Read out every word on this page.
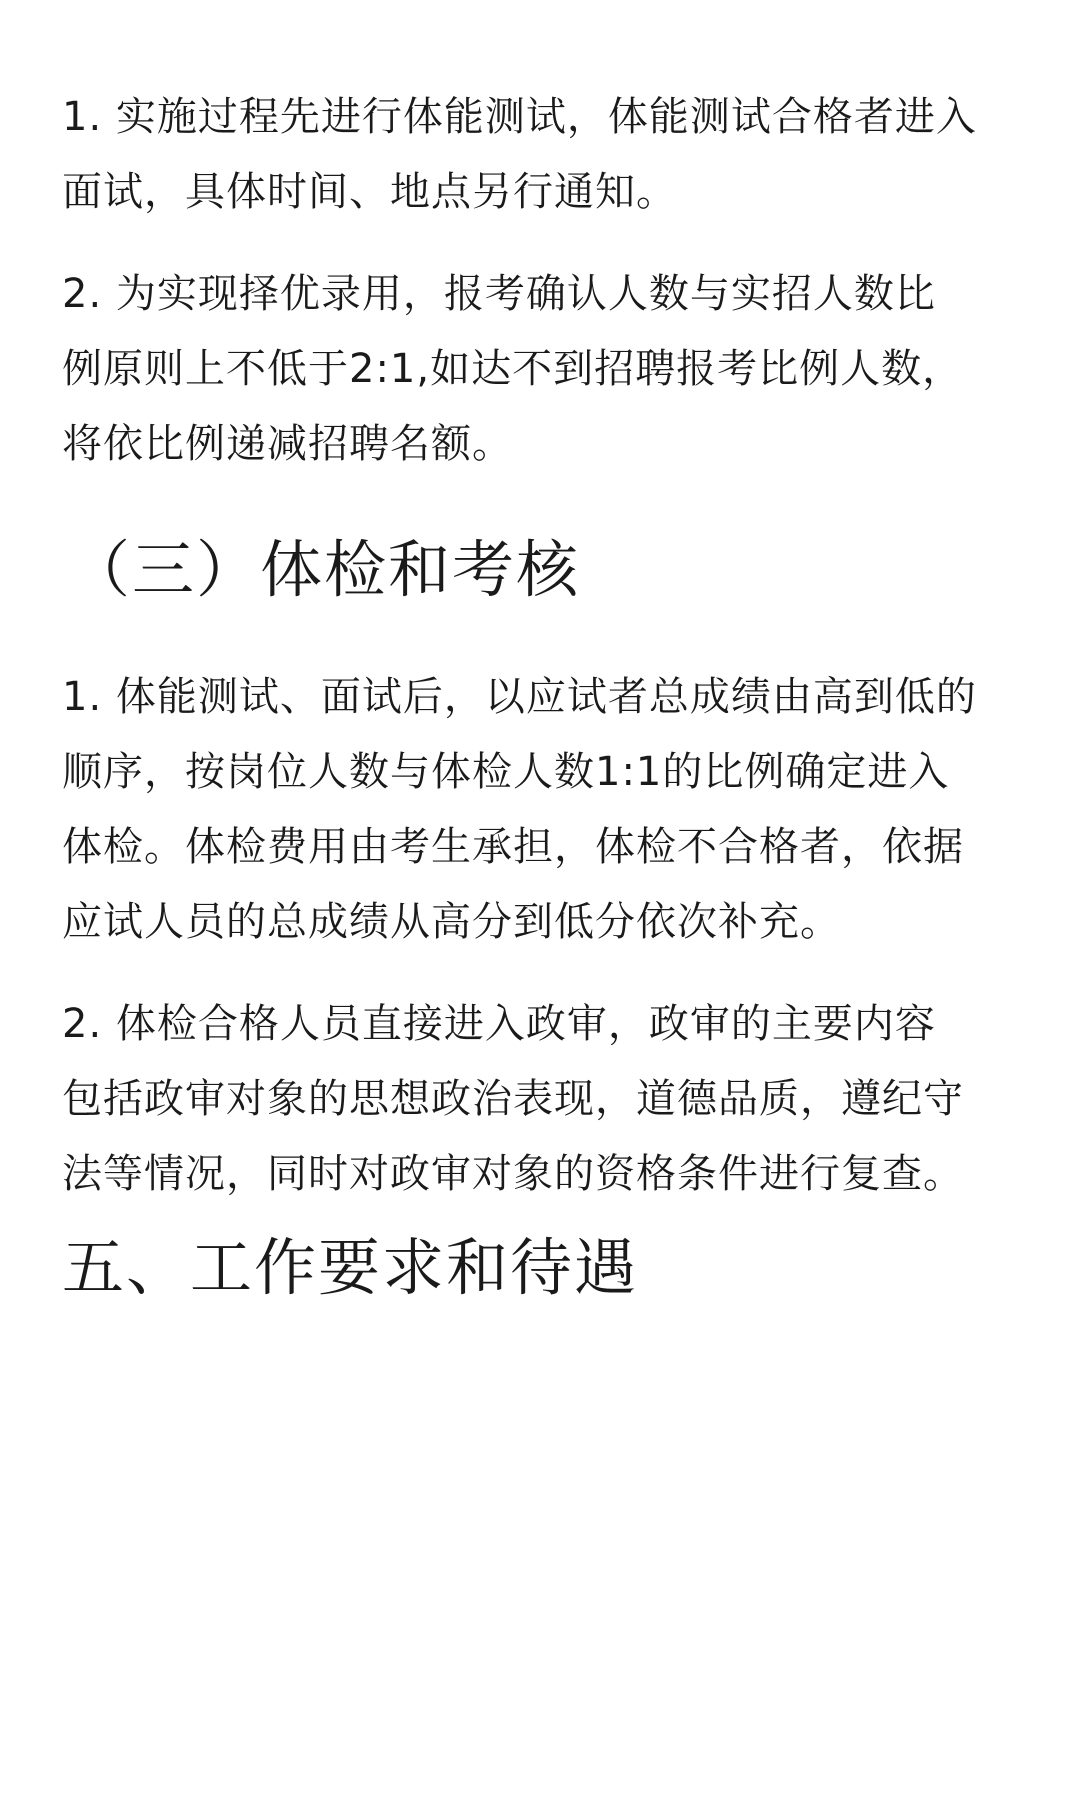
1. 实施过程先进行体能测试，体能测试合格者进入
面试，具体时间、地点另行通知。

2. 为实现择优录用，报考确认人数与实招人数比
例原则上不低于2:1,如达不到招聘报考比例人数，
将依比例递减招聘名额。

（三）体检和考核

1. 体能测试、面试后，以应试者总成绩由高到低的
顺序，按岗位人数与体检人数1:1的比例确定进入
体检。体检费用由考生承担，体检不合格者，依据
应试人员的总成绩从高分到低分依次补充。

2. 体检合格人员直接进入政审，政审的主要内容
包括政审对象的思想政治表现，道德品质，遵纪守
法等情况，同时对政审对象的资格条件进行复查。

五、工作要求和待遇
